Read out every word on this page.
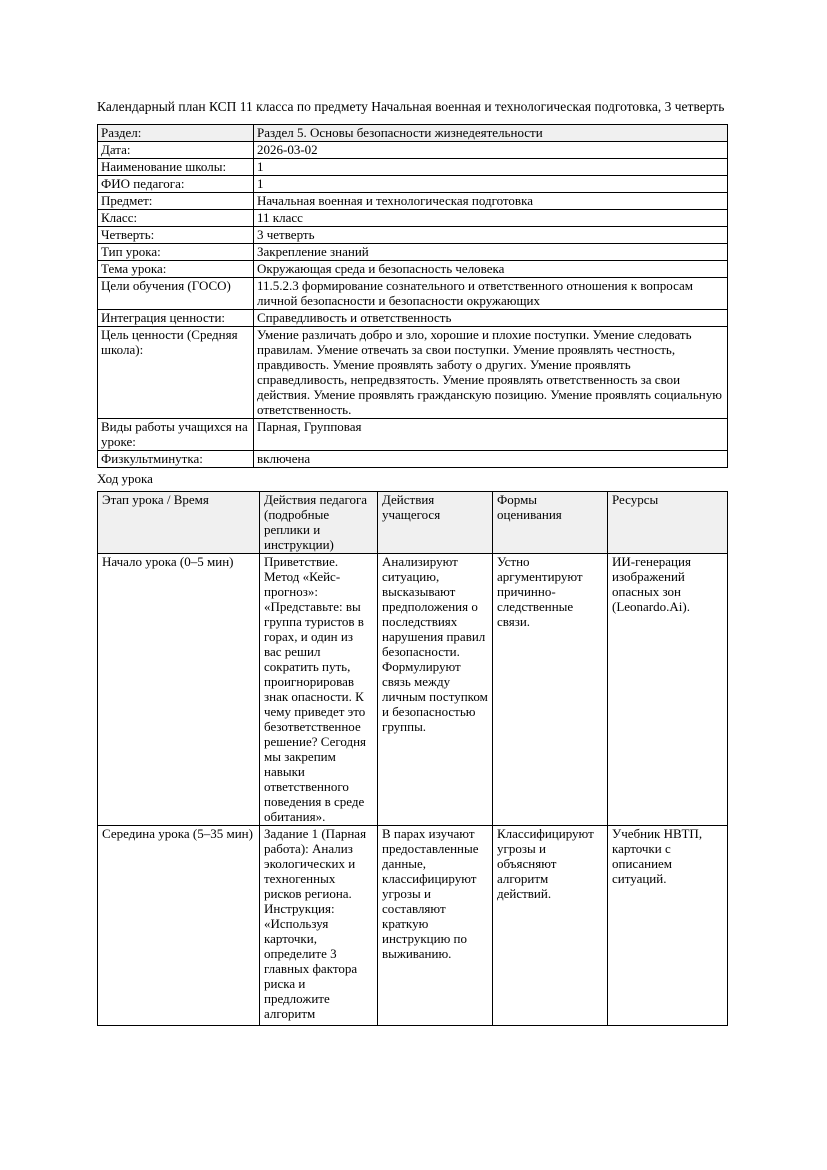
Календарный план КСП 11 класса по предмету Начальная военная и технологическая подготовка, 3 четверть

Раздел:	Раздел 5. Основы безопасности жизнедеятельности
Дата:	2026-03-02
Наименование школы:	1
ФИО педагога:	1
Предмет:	Начальная военная и технологическая подготовка
Класс:	11 класс
Четверть:	3 четверть
Тип урока:	Закрепление знаний
Тема урока:	Окружающая среда и безопасность человека
Цели обучения (ГОСО)	11.5.2.3 формирование сознательного и ответственного отношения к вопросам личной безопасности и безопасности окружающих
Интеграция ценности:	Справедливость и ответственность
Цель ценности (Средняя школа):	Умение различать добро и зло, хорошие и плохие поступки. Умение следовать правилам. Умение отвечать за свои поступки. Умение проявлять честность, правдивость. Умение проявлять заботу о других. Умение проявлять справедливость, непредвзятость. Умение проявлять ответственность за свои действия. Умение проявлять гражданскую позицию. Умение проявлять социальную ответственность.
Виды работы учащихся на уроке:	Парная, Групповая
Физкультминутка:	включена

Ход урока

Этап урока / Время	Действия педагога (подробные реплики и инструкции)	Действия учащегося	Формы оценивания	Ресурсы
Начало урока (0–5 мин)	Приветствие. Метод «Кейс-прогноз»: «Представьте: вы группа туристов в горах, и один из вас решил сократить путь, проигнорировав знак опасности. К чему приведет это безответственное решение? Сегодня мы закрепим навыки ответственного поведения в среде обитания».	Анализируют ситуацию, высказывают предположения о последствиях нарушения правил безопасности. Формулируют связь между личным поступком и безопасностью группы.	Устно аргументируют причинно-следственные связи.	ИИ-генерация изображений опасных зон (Leonardo.Ai).
Середина урока (5–35 мин)	Задание 1 (Парная работа): Анализ экологических и техногенных рисков региона. Инструкция: «Используя карточки, определите 3 главных фактора риска и предложите алгоритм	В парах изучают предоставленные данные, классифицируют угрозы и составляют краткую инструкцию по выживанию.	Классифицируют угрозы и объясняют алгоритм действий.	Учебник НВТП, карточки с описанием ситуаций.
